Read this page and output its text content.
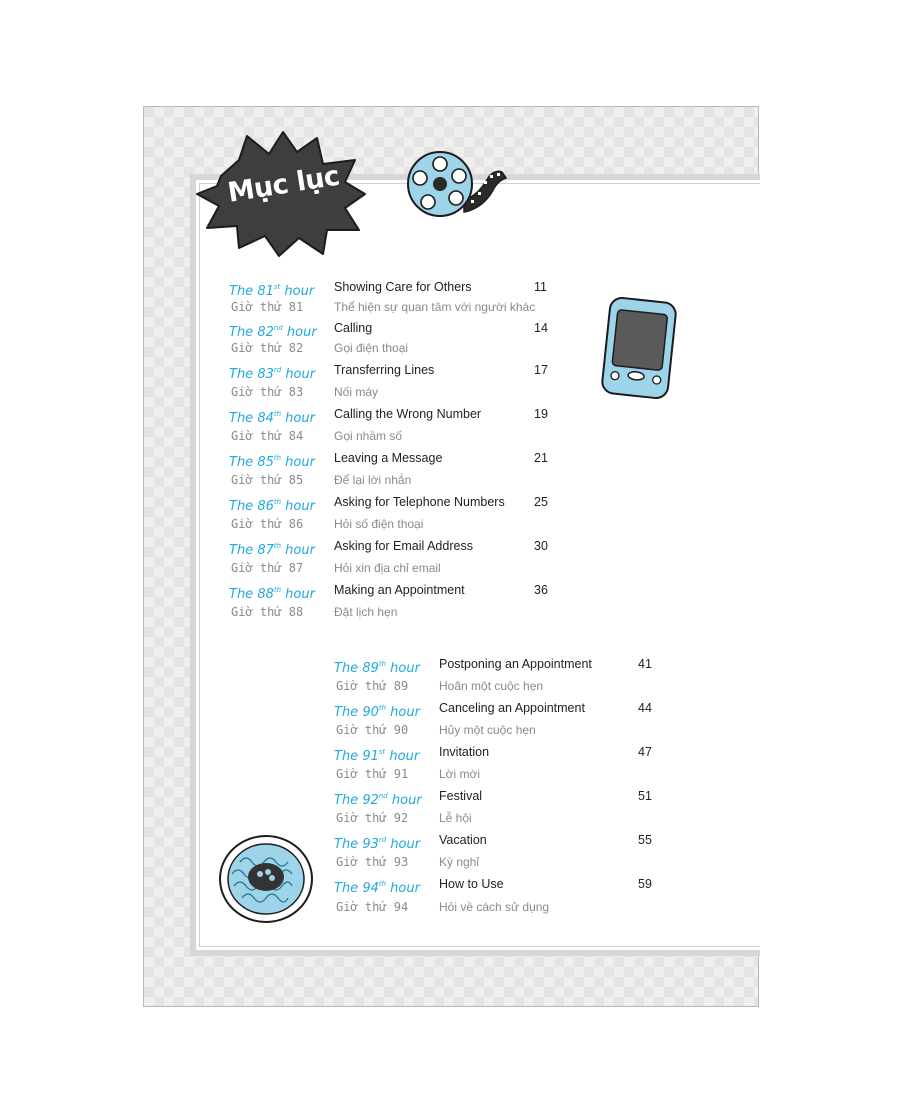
Mục lục
The 81st hour Showing Care for Others	11
Giờ thứ 81	Thể hiện sự quan tâm với người khác
The 82nd hour Calling	14
Giờ thứ 82	Gọi điện thoại
The 83rd hour Transferring Lines	17
Giờ thứ 83	Nối máy
The 84th hour Calling the Wrong Number	19
Giờ thứ 84	Gọi nhầm số
The 85th hour Leaving a Message	21
Giờ thứ 85	Để lại lời nhắn
The 86th hour Asking for Telephone Numbers 25
Giờ thứ 86	Hỏi số điện thoại
The 87th hour Asking for Email Address	30
Giờ thứ 87	Hỏi xin địa chỉ email
The 88th hour Making an Appointment	36
Giờ thứ 88	Đặt lịch hẹn
The 89th hour Postponing an Appointment	41
Giờ thứ 89	Hoãn một cuộc hẹn
The 90th hour Canceling an Appointment	44
Giờ thứ 90	Hủy một cuộc hẹn
The 91st hour Invitation	47
Giờ thứ 91	Lời mời
The 92nd hour Festival	51
Giờ thứ 92	Lễ hội
The 93rd hour Vacation	55
Giờ thứ 93	Kỳ nghỉ
The 94th hour How to Use	59
Giờ thứ 94	Hỏi về cách sử dụng
